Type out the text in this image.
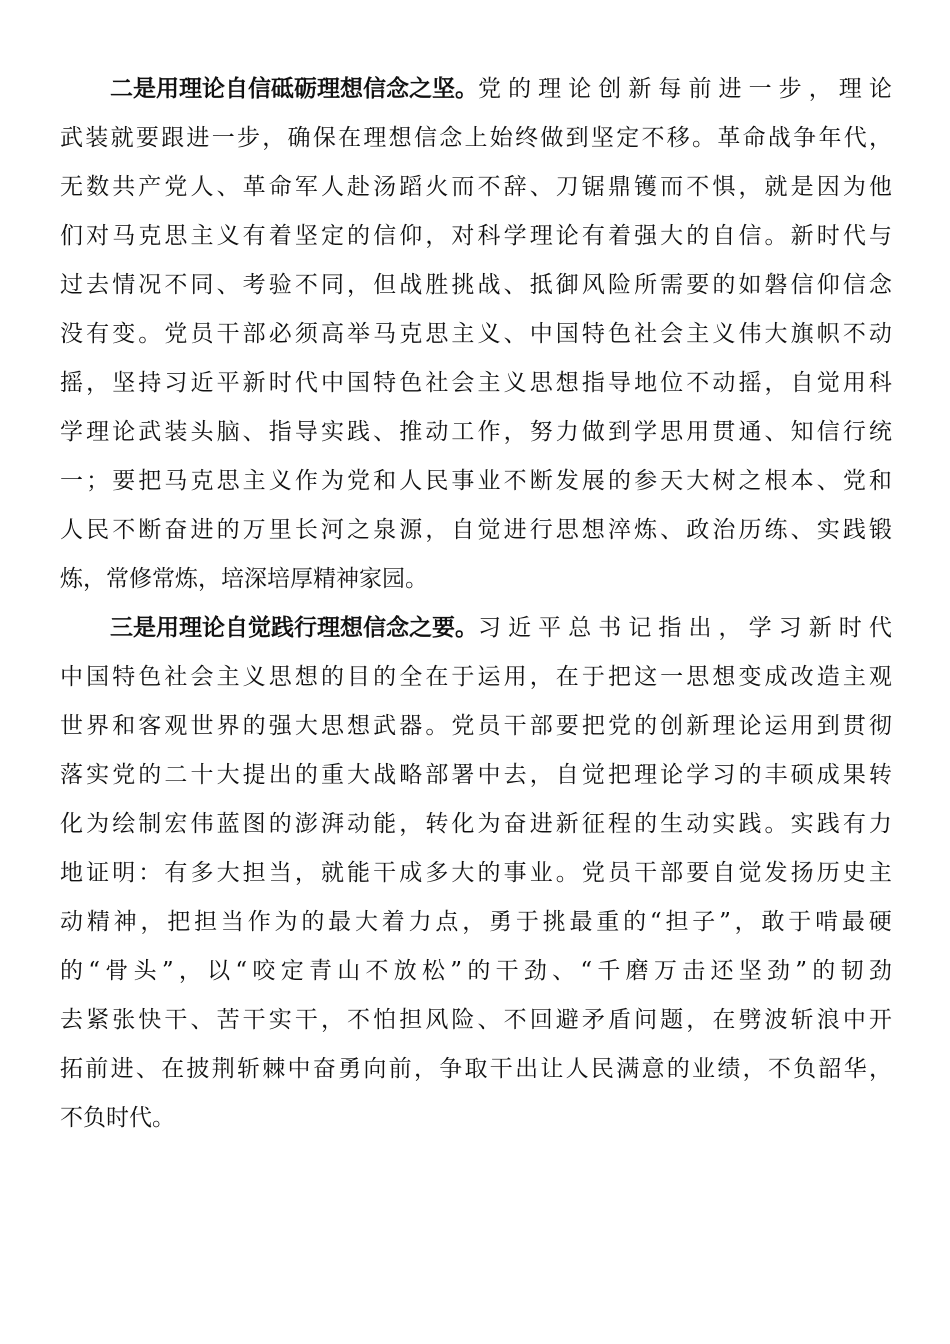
二是用理论自信砥砺理想信念之坚。 党 的 理 论 创 新 每 前 进 一 步 ， 理 论
武 装 就 要 跟 进 一 步 ， 确 保 在 理 想 信 念 上 始 终 做 到 坚 定 不 移 。 革 命 战 争 年 代 ，
无 数 共 产 党 人 、 革 命 军 人 赴 汤 蹈 火 而 不 辞 、 刀 锯 鼎 镬 而 不 惧 ， 就 是 因 为 他
们 对 马 克 思 主 义 有 着 坚 定 的 信 仰 ， 对 科 学 理 论 有 着 强 大 的 自 信 。 新 时 代 与
过 去 情 况 不 同 、 考 验 不 同 ， 但 战 胜 挑 战 、 抵 御 风 险 所 需 要 的 如 磐 信 仰 信 念
没 有 变 。 党 员 干 部 必 须 高 举 马 克 思 主 义 、 中 国 特 色 社 会 主 义 伟 大 旗 帜 不 动
摇 ， 坚 持 习 近 平 新 时 代 中 国 特 色 社 会 主 义 思 想 指 导 地 位 不 动 摇 ， 自 觉 用 科
学 理 论 武 装 头 脑 、 指 导 实 践 、 推 动 工 作 ， 努 力 做 到 学 思 用 贯 通 、 知 信 行 统
一 ； 要 把 马 克 思 主 义 作 为 党 和 人 民 事 业 不 断 发 展 的 参 天 大 树 之 根 本 、 党 和
人 民 不 断 奋 进 的 万 里 长 河 之 泉 源 ， 自 觉 进 行 思 想 淬 炼 、 政 治 历 练 、 实 践 锻
炼，常修常炼，培深培厚精神家园。
三是用理论自觉践行理想信念之要。 习 近 平 总 书 记 指 出 ， 学 习 新 时 代
中 国 特 色 社 会 主 义 思 想 的 目 的 全 在 于 运 用 ， 在 于 把 这 一 思 想 变 成 改 造 主 观
世 界 和 客 观 世 界 的 强 大 思 想 武 器 。 党 员 干 部 要 把 党 的 创 新 理 论 运 用 到 贯 彻
落 实 党 的 二 十 大 提 出 的 重 大 战 略 部 署 中 去 ， 自 觉 把 理 论 学 习 的 丰 硕 成 果 转
化 为 绘 制 宏 伟 蓝 图 的 澎 湃 动 能 ， 转 化 为 奋 进 新 征 程 的 生 动 实 践 。 实 践 有 力
地 证 明 ： 有 多 大 担 当 ， 就 能 干 成 多 大 的 事 业 。 党 员 干 部 要 自 觉 发 扬 历 史 主
动 精 神 ， 把 担 当 作 为 的 最 大 着 力 点 ， 勇 于 挑 最 重 的 “ 担 子 ” ， 敢 于 啃 最 硬
的 “ 骨 头 ” ， 以 “ 咬 定 青 山 不 放 松 ” 的 干 劲 、 “ 千 磨 万 击 还 坚 劲 ” 的 韧 劲
去 紧 张 快 干 、 苦 干 实 干 ， 不 怕 担 风 险 、 不 回 避 矛 盾 问 题 ， 在 劈 波 斩 浪 中 开
拓 前 进 、 在 披 荆 斩 棘 中 奋 勇 向 前 ， 争 取 干 出 让 人 民 满 意 的 业 绩 ， 不 负 韶 华 ，
不负时代。
